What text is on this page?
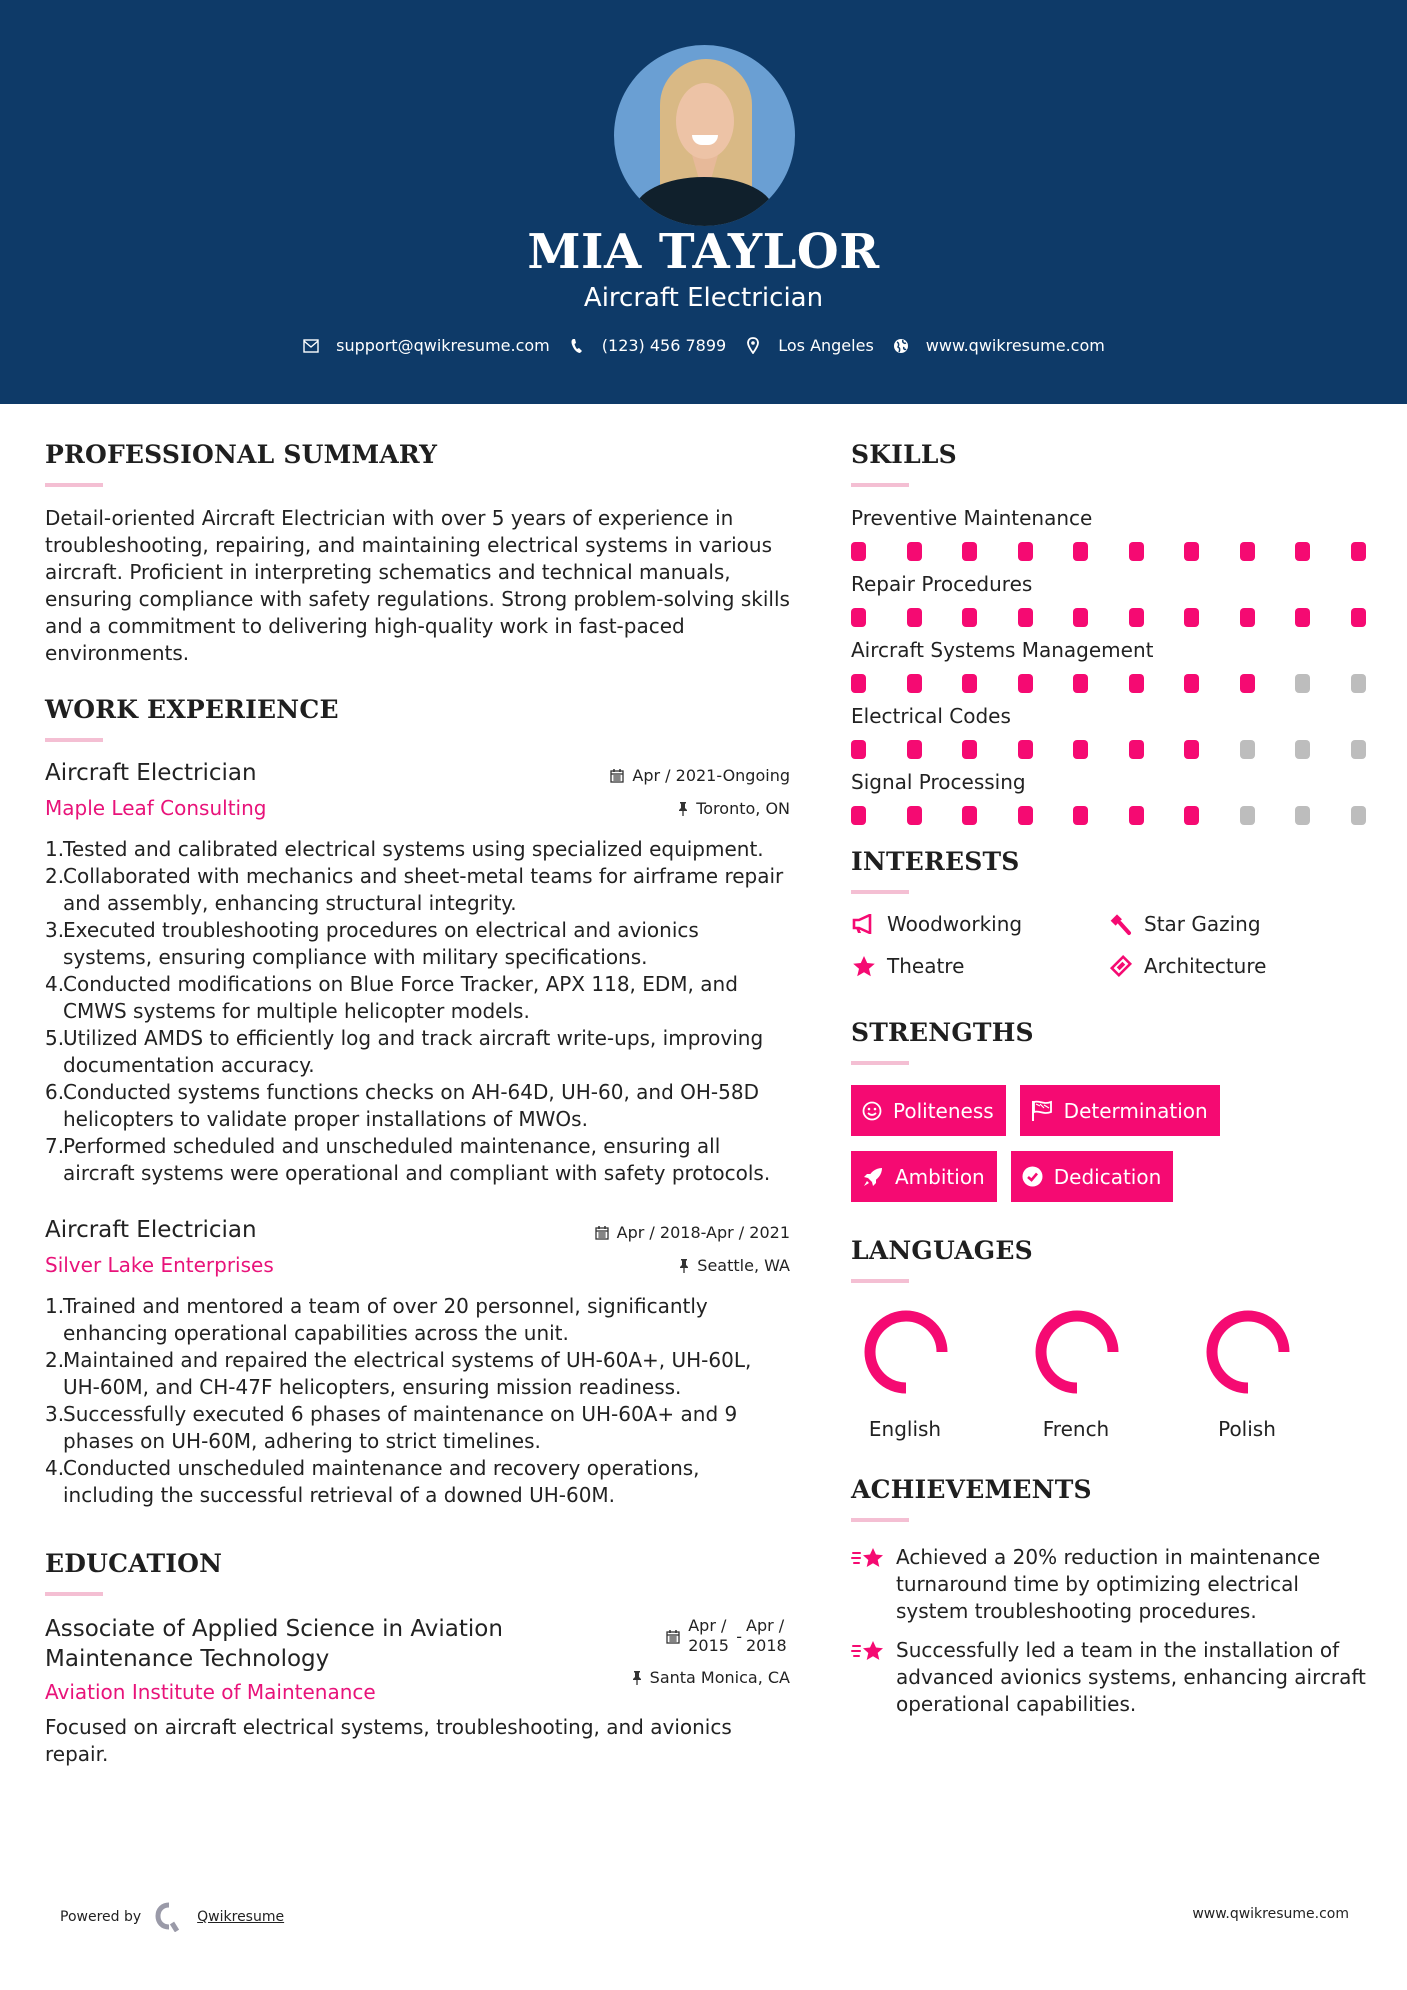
MIA TAYLOR
Aircraft Electrician
support@qwikresume.com	(123) 456 7899	Los Angeles	www.qwikresume.com
PROFESSIONAL SUMMARY
Detail-oriented Aircraft Electrician with over 5 years of experience in troubleshooting, repairing, and maintaining electrical systems in various aircraft. Proficient in interpreting schematics and technical manuals, ensuring compliance with safety regulations. Strong problem-solving skills and a commitment to delivering high-quality work in fast-paced environments.
WORK EXPERIENCE
Aircraft Electrician
Maple Leaf Consulting
Apr / 2021-Ongoing
Toronto, ON
1.
Tested and calibrated electrical systems using specialized equipment.
2.
Collaborated with mechanics and sheet-metal teams for airframe repair and assembly, enhancing structural integrity.
3.
Executed troubleshooting procedures on electrical and avionics systems, ensuring compliance with military specifications.
4.
Conducted modifications on Blue Force Tracker, APX 118, EDM, and CMWS systems for multiple helicopter models.
5.
Utilized AMDS to efficiently log and track aircraft write-ups, improving documentation accuracy.
6.
Conducted systems functions checks on AH-64D, UH-60, and OH-58D helicopters to validate proper installations of MWOs.
7.
Performed scheduled and unscheduled maintenance, ensuring all aircraft systems were operational and compliant with safety protocols.
Aircraft Electrician
Silver Lake Enterprises
Apr / 2018-Apr / 2021
Seattle, WA
1.
Trained and mentored a team of over 20 personnel, significantly enhancing operational capabilities across the unit.
2.
Maintained and repaired the electrical systems of UH-60A+, UH-60L, UH-60M, and CH-47F helicopters, ensuring mission readiness.
3.
Successfully executed 6 phases of maintenance on UH-60A+ and 9 phases on UH-60M, adhering to strict timelines.
4.
Conducted unscheduled maintenance and recovery operations, including the successful retrieval of a downed UH-60M.
EDUCATION
Associate of Applied Science in Aviation Maintenance Technology
Aviation Institute of Maintenance
Apr / 2015 -
Apr / 2018
Santa Monica, CA
Focused on aircraft electrical systems, troubleshooting, and avionics repair.
SKILLS
Preventive Maintenance
Repair Procedures
Aircraft Systems Management
Electrical Codes
Signal Processing
INTERESTS
Woodworking	Star Gazing
Theatre	Architecture
STRENGTHS
Politeness	Determination
Ambition	Dedication
LANGUAGES
English	French	Polish
ACHIEVEMENTS
Achieved a 20% reduction in maintenance turnaround time by optimizing electrical system troubleshooting procedures.
Successfully led a team in the installation of advanced avionics systems, enhancing aircraft operational capabilities.
Powered by	Qwikresume	www.qwikresume.com
